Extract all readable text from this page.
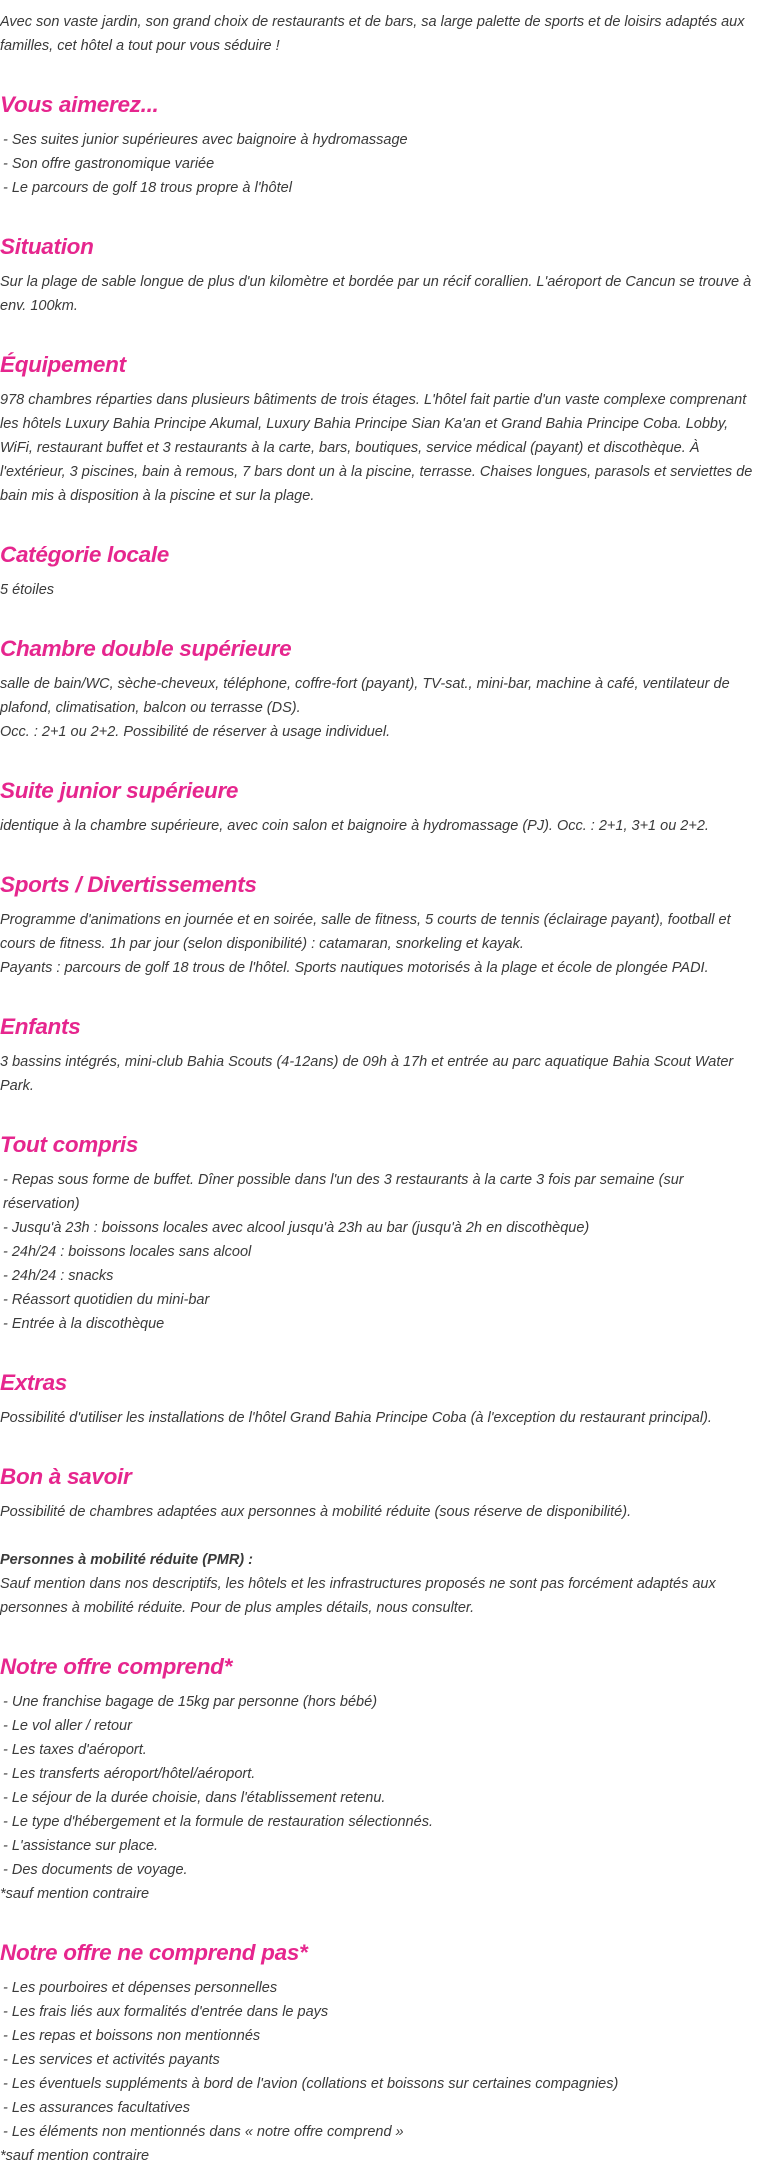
Avec son vaste jardin, son grand choix de restaurants et de bars, sa large palette de sports et de loisirs adaptés aux familles, cet hôtel a tout pour vous séduire !

Vous aimerez...
- Ses suites junior supérieures avec baignoire à hydromassage
- Son offre gastronomique variée
- Le parcours de golf 18 trous propre à l'hôtel
Situation

Sur la plage de sable longue de plus d'un kilomètre et bordée par un récif corallien. L'aéroport de Cancun se trouve à env. 100km.

Équipement

978 chambres réparties dans plusieurs bâtiments de trois étages. L'hôtel fait partie d'un vaste complexe comprenant les hôtels Luxury Bahia Principe Akumal, Luxury Bahia Principe Sian Ka'an et Grand Bahia Principe Coba. Lobby, WiFi, restaurant buffet et 3 restaurants à la carte, bars, boutiques, service médical (payant) et discothèque. À l'extérieur, 3 piscines, bain à remous, 7 bars dont un à la piscine, terrasse. Chaises longues, parasols et serviettes de bain mis à disposition à la piscine et sur la plage.

Catégorie locale

5 étoiles

Chambre double supérieure

salle de bain/WC, sèche-cheveux, téléphone, coffre-fort (payant), TV-sat., mini-bar, machine à café, ventilateur de plafond, climatisation, balcon ou terrasse (DS).

Occ. : 2+1 ou 2+2. Possibilité de réserver à usage individuel.

Suite junior supérieure

identique à la chambre supérieure, avec coin salon et baignoire à hydromassage (PJ). Occ. : 2+1, 3+1 ou 2+2.

Sports / Divertissements

Programme d'animations en journée et en soirée, salle de fitness, 5 courts de tennis (éclairage payant), football et cours de fitness. 1h par jour (selon disponibilité) : catamaran, snorkeling et kayak.

Payants : parcours de golf 18 trous de l'hôtel. Sports nautiques motorisés à la plage et école de plongée PADI.

Enfants

3 bassins intégrés, mini-club Bahia Scouts (4-12ans) de 09h à 17h et entrée au parc aquatique Bahia Scout Water Park.

Tout compris
- Repas sous forme de buffet. Dîner possible dans l'un des 3 restaurants à la carte 3 fois par semaine (sur réservation)
- Jusqu'à 23h : boissons locales avec alcool jusqu'à 23h au bar (jusqu'à 2h en discothèque)
- 24h/24 : boissons locales sans alcool
- 24h/24 : snacks
- Réassort quotidien du mini-bar
- Entrée à la discothèque
Extras

Possibilité d'utiliser les installations de l'hôtel Grand Bahia Principe Coba (à l'exception du restaurant principal).

Bon à savoir

Possibilité de chambres adaptées aux personnes à mobilité réduite (sous réserve de disponibilité).

Personnes à mobilité réduite (PMR) :

Sauf mention dans nos descriptifs, les hôtels et les infrastructures proposés ne sont pas forcément adaptés aux personnes à mobilité réduite. Pour de plus amples détails, nous consulter.

Notre offre comprend*
- Une franchise bagage de 15kg par personne (hors bébé)
- Le vol aller / retour
- Les taxes d'aéroport.
- Les transferts aéroport/hôtel/aéroport.
- Le séjour de la durée choisie, dans l'établissement retenu.
- Le type d'hébergement et la formule de restauration sélectionnés.
- L'assistance sur place.
- Des documents de voyage.

*sauf mention contraire

Notre offre ne comprend pas*
- Les pourboires et dépenses personnelles
- Les frais liés aux formalités d'entrée dans le pays
- Les repas et boissons non mentionnés
- Les services et activités payants
- Les éventuels suppléments à bord de l'avion (collations et boissons sur certaines compagnies)
- Les assurances facultatives
- Les éléments non mentionnés dans « notre offre comprend »

*sauf mention contraire
